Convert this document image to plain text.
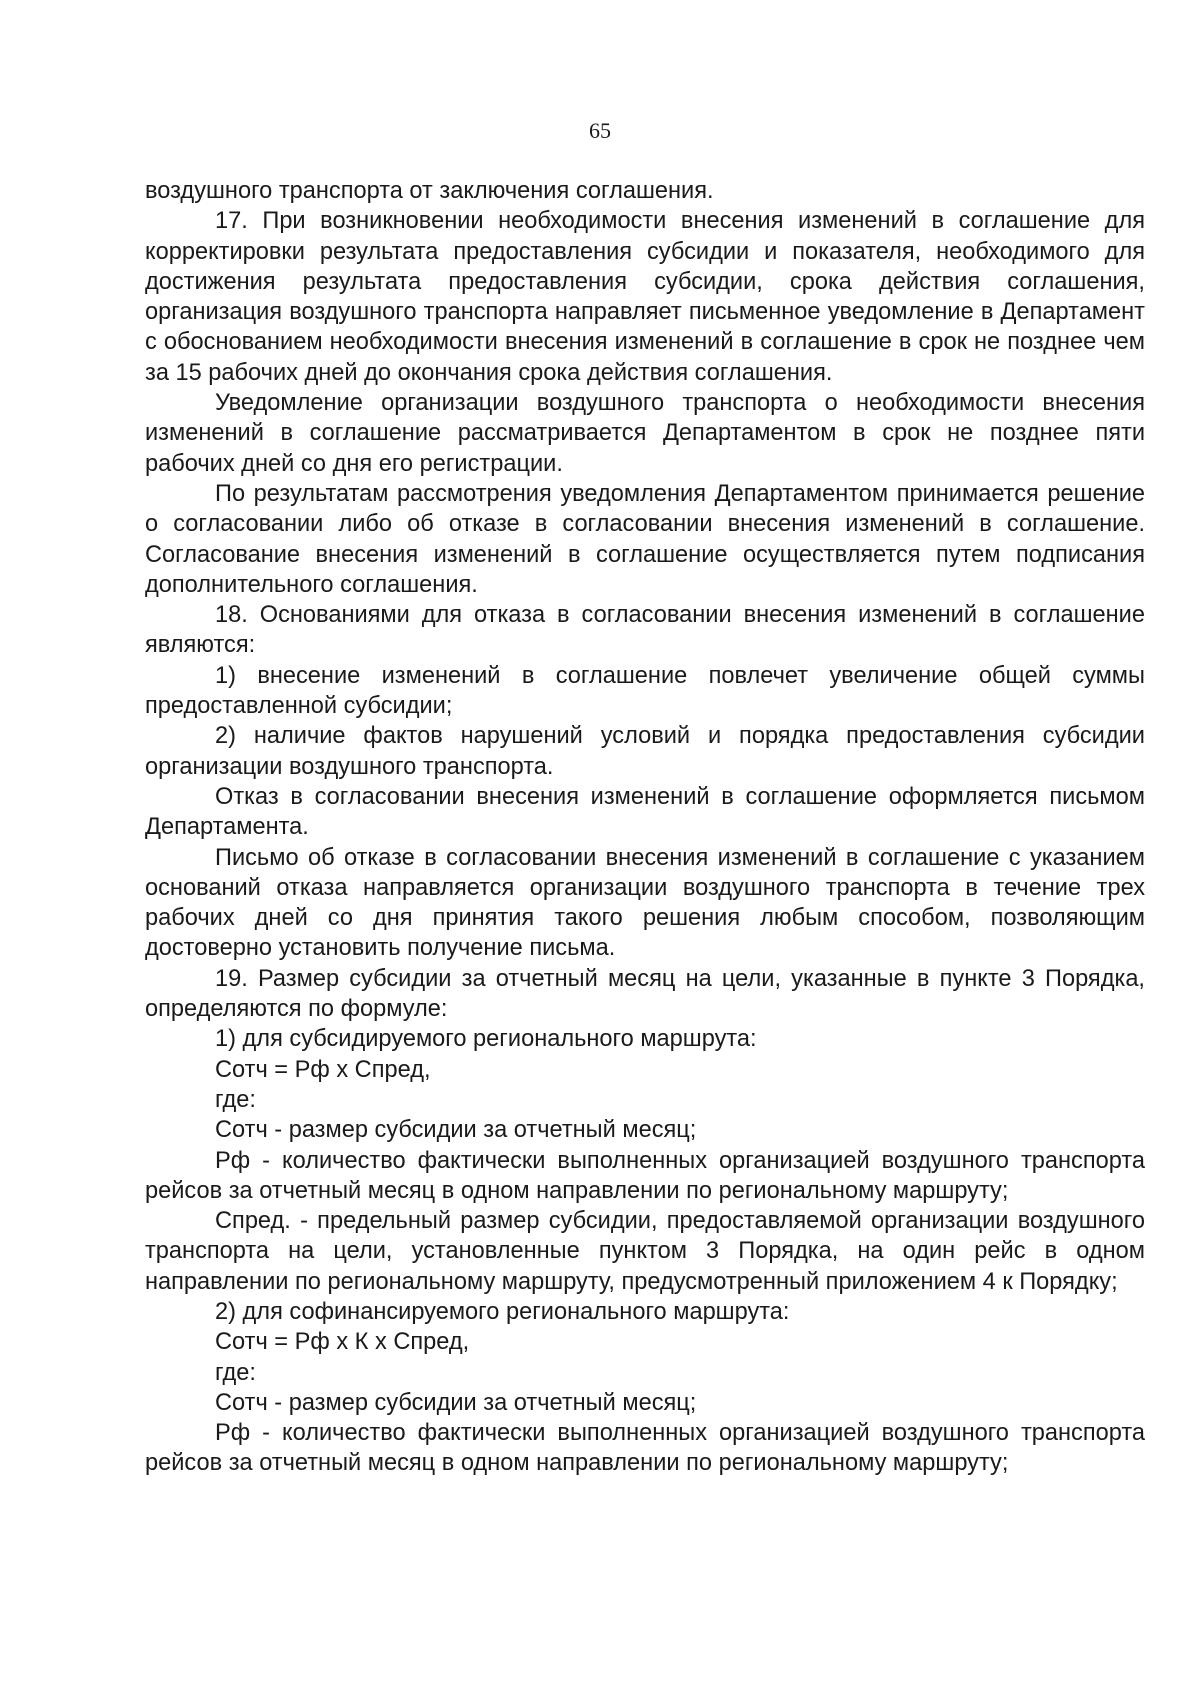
65

воздушного транспорта от заключения соглашения.

17. При возникновении необходимости внесения изменений в соглашение для корректировки результата предоставления субсидии и показателя, необходимого для достижения результата предоставления субсидии, срока действия соглашения, организация воздушного транспорта направляет письменное уведомление в Департамент с обоснованием необходимости внесения изменений в соглашение в срок не позднее чем за 15 рабочих дней до окончания срока действия соглашения.

Уведомление организации воздушного транспорта о необходимости внесения изменений в соглашение рассматривается Департаментом в срок не позднее пяти рабочих дней со дня его регистрации.

По результатам рассмотрения уведомления Департаментом принимается решение о согласовании либо об отказе в согласовании внесения изменений в соглашение. Согласование внесения изменений в соглашение осуществляется путем подписания дополнительного соглашения.

18. Основаниями для отказа в согласовании внесения изменений в соглашение являются:

1) внесение изменений в соглашение повлечет увеличение общей суммы предоставленной субсидии;

2) наличие фактов нарушений условий и порядка предоставления субсидии организации воздушного транспорта.

Отказ в согласовании внесения изменений в соглашение оформляется письмом Департамента.

Письмо об отказе в согласовании внесения изменений в соглашение с указанием оснований отказа направляется организации воздушного транспорта в течение трех рабочих дней со дня принятия такого решения любым способом, позволяющим достоверно установить получение письма.

19. Размер субсидии за отчетный месяц на цели, указанные в пункте 3 Порядка, определяются по формуле:

1) для субсидируемого регионального маршрута:

Сотч = Рф х Спред,

где:

Сотч - размер субсидии за отчетный месяц;

Рф - количество фактически выполненных организацией воздушного транспорта рейсов за отчетный месяц в одном направлении по региональному маршруту;

Спред. - предельный размер субсидии, предоставляемой организации воздушного транспорта на цели, установленные пунктом 3 Порядка, на один рейс в одном направлении по региональному маршруту, предусмотренный приложением 4 к Порядку;

2) для софинансируемого регионального маршрута:

Сотч = Рф х К х Спред,

где:

Сотч - размер субсидии за отчетный месяц;

Рф - количество фактически выполненных организацией воздушного транспорта рейсов за отчетный месяц в одном направлении по региональному маршруту;
